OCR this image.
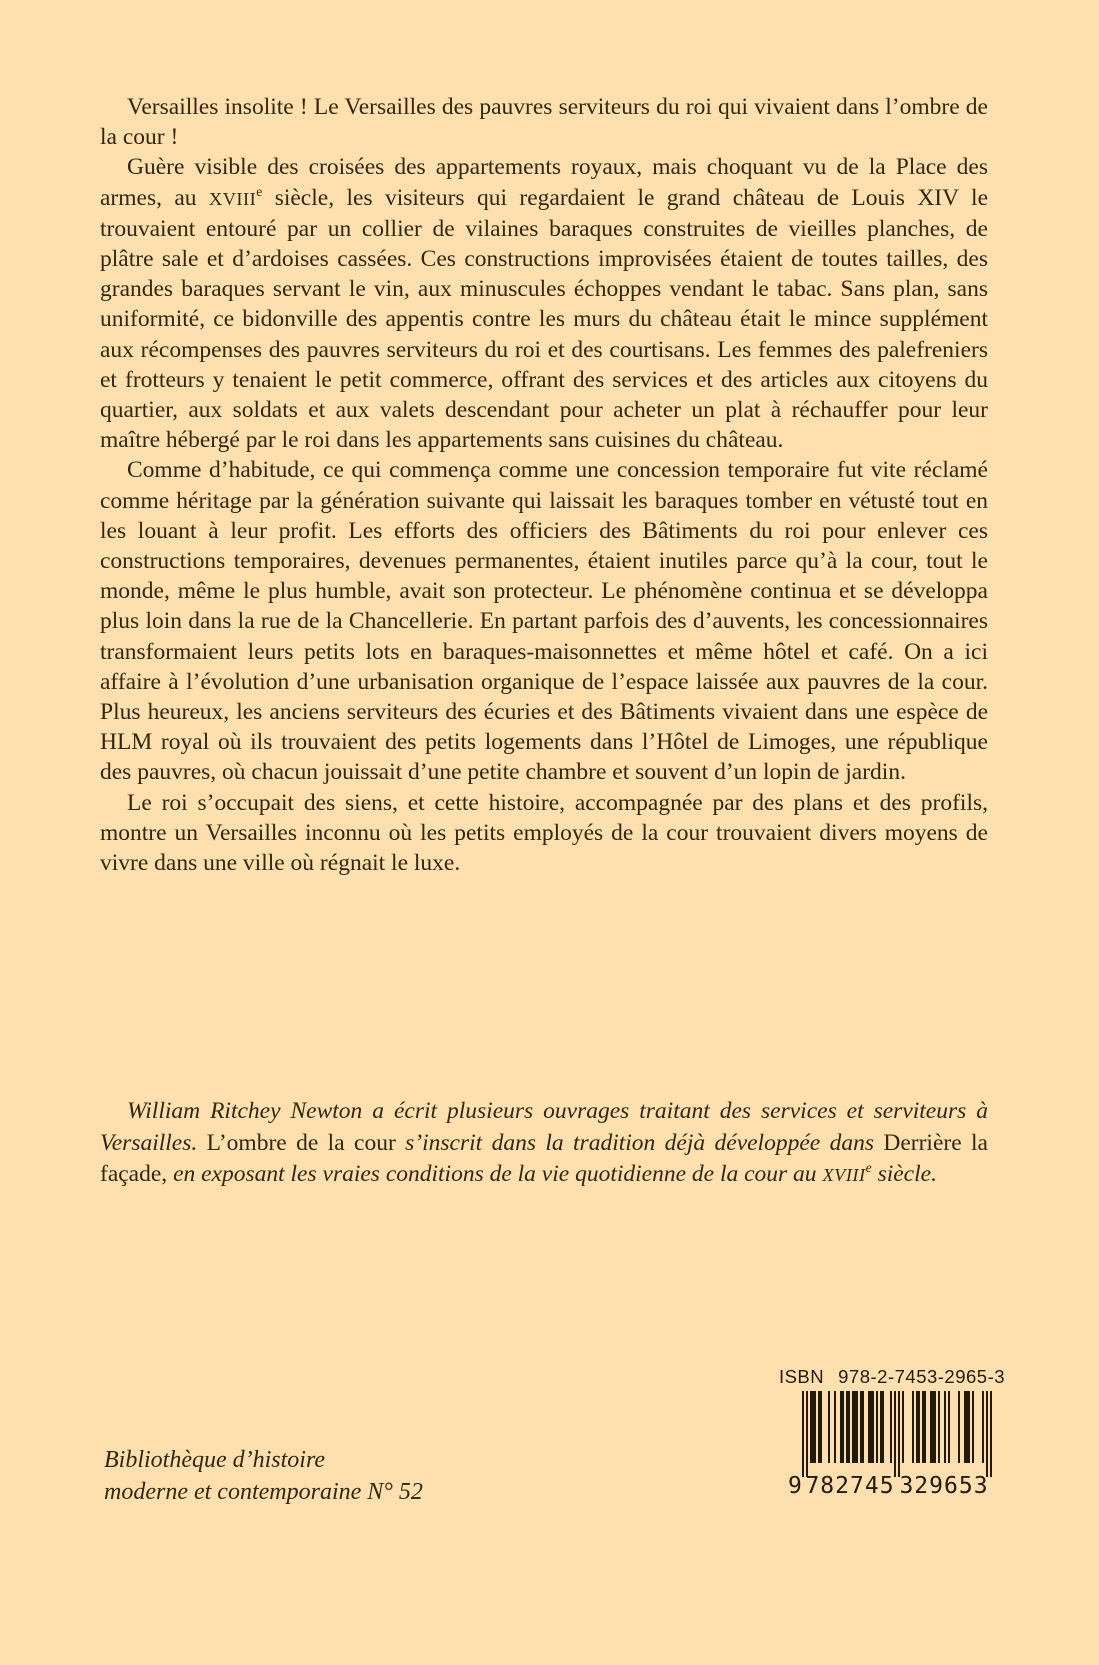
Versailles insolite ! Le Versailles des pauvres serviteurs du roi qui vivaient dans l’ombre de la cour !

Guère visible des croisées des appartements royaux, mais choquant vu de la Place des armes, au XVIIIe siècle, les visiteurs qui regardaient le grand château de Louis XIV le trouvaient entouré par un collier de vilaines baraques construites de vieilles planches, de plâtre sale et d’ardoises cassées. Ces constructions improvisées étaient de toutes tailles, des grandes baraques servant le vin, aux minuscules échoppes vendant le tabac. Sans plan, sans uniformité, ce bidonville des appentis contre les murs du château était le mince supplément aux récompenses des pauvres serviteurs du roi et des courtisans. Les femmes des palefreniers et frotteurs y tenaient le petit commerce, offrant des services et des articles aux citoyens du quartier, aux soldats et aux valets descendant pour acheter un plat à réchauffer pour leur maître hébergé par le roi dans les appartements sans cuisines du château.

Comme d’habitude, ce qui commença comme une concession temporaire fut vite réclamé comme héritage par la génération suivante qui laissait les baraques tomber en vétusté tout en les louant à leur profit. Les efforts des officiers des Bâtiments du roi pour enlever ces constructions temporaires, devenues permanentes, étaient inutiles parce qu’à la cour, tout le monde, même le plus humble, avait son protecteur. Le phénomène continua et se développa plus loin dans la rue de la Chancellerie. En partant parfois des d’auvents, les concessionnaires transformaient leurs petits lots en baraques-maisonnettes et même hôtel et café. On a ici affaire à l’évolution d’une urbanisation organique de l’espace laissée aux pauvres de la cour. Plus heureux, les anciens serviteurs des écuries et des Bâtiments vivaient dans une espèce de HLM royal où ils trouvaient des petits logements dans l’Hôtel de Limoges, une république des pauvres, où chacun jouissait d’une petite chambre et souvent d’un lopin de jardin.

Le roi s’occupait des siens, et cette histoire, accompagnée par des plans et des profils, montre un Versailles inconnu où les petits employés de la cour trouvaient divers moyens de vivre dans une ville où régnait le luxe.

William Ritchey Newton a écrit plusieurs ouvrages traitant des services et serviteurs à Versailles. L’ombre de la cour s’inscrit dans la tradition déjà développée dans Derrière la façade, en exposant les vraies conditions de la vie quotidienne de la cour au XVIIIe siècle.

ISBN 978-2-7453-2965-3
9 782745 329653
Bibliothèque d’histoire
moderne et contemporaine N° 52
